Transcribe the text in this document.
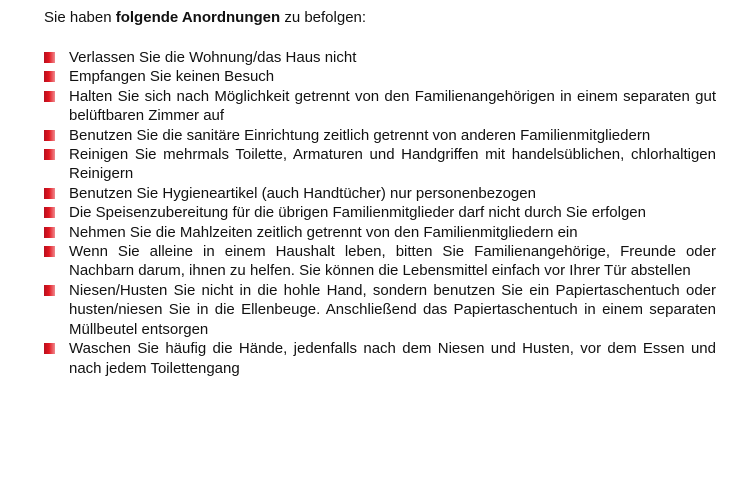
Sie haben folgende Anordnungen zu befolgen:

Verlassen Sie die Wohnung/das Haus nicht
Empfangen Sie keinen Besuch
Halten Sie sich nach Möglichkeit getrennt von den Familienangehörigen in einem separaten gut belüftbaren Zimmer auf
Benutzen Sie die sanitäre Einrichtung zeitlich getrennt von anderen Familienmitgliedern
Reinigen Sie mehrmals Toilette, Armaturen und Handgriffen mit handelsüblichen, chlorhaltigen Reinigern
Benutzen Sie Hygieneartikel (auch Handtücher) nur personenbezogen
Die Speisenzubereitung für die übrigen Familienmitglieder darf nicht durch Sie erfolgen
Nehmen Sie die Mahlzeiten zeitlich getrennt von den Familienmitgliedern ein
Wenn Sie alleine in einem Haushalt leben, bitten Sie Familienangehörige, Freunde oder Nachbarn darum, ihnen zu helfen. Sie können die Lebensmittel einfach vor Ihrer Tür abstellen
Niesen/Husten Sie nicht in die hohle Hand, sondern benutzen Sie ein Papiertaschentuch oder husten/niesen Sie in die Ellenbeuge. Anschließend das Papiertaschentuch in einem separaten Müllbeutel entsorgen
Waschen Sie häufig die Hände, jedenfalls nach dem Niesen und Husten, vor dem Essen und nach jedem Toilettengang
